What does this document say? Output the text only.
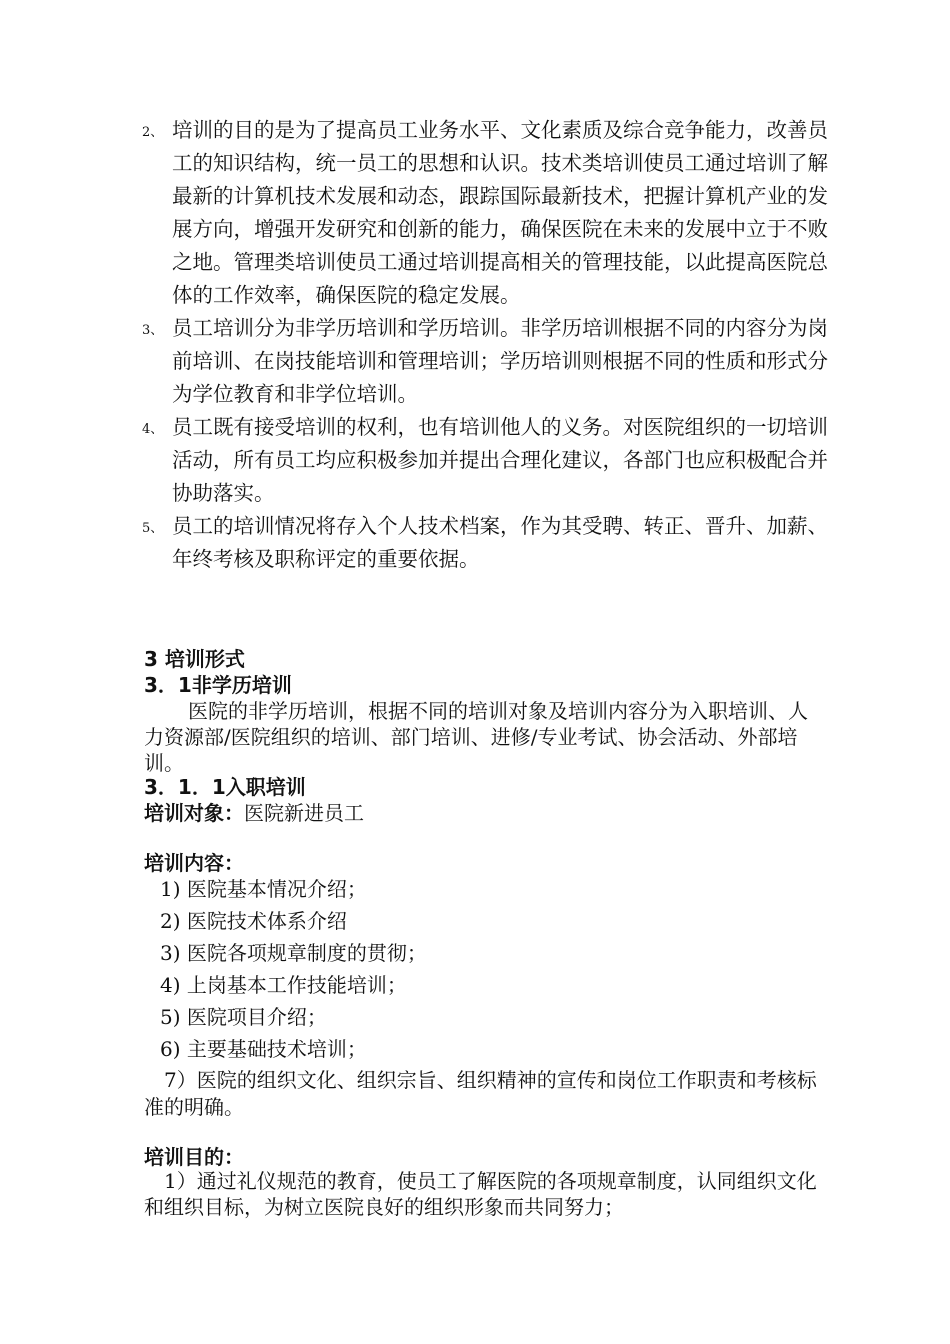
2、 培训的目的是为了提高员工业务水平、文化素质及综合竞争能力，改善员工的知识结构，统一员工的思想和认识。技术类培训使员工通过培训了解最新的计算机技术发展和动态，跟踪国际最新技术，把握计算机产业的发展方向，增强开发研究和创新的能力，确保医院在未来的发展中立于不败之地。管理类培训使员工通过培训提高相关的管理技能，以此提高医院总体的工作效率，确保医院的稳定发展。
3、 员工培训分为非学历培训和学历培训。非学历培训根据不同的内容分为岗前培训、在岗技能培训和管理培训；学历培训则根据不同的性质和形式分为学位教育和非学位培训。
4、 员工既有接受培训的权利，也有培训他人的义务。对医院组织的一切培训活动，所有员工均应积极参加并提出合理化建议，各部门也应积极配合并协助落实。
5、 员工的培训情况将存入个人技术档案，作为其受聘、转正、晋升、加薪、年终考核及职称评定的重要依据。
3 培训形式
3．1非学历培训
医院的非学历培训，根据不同的培训对象及培训内容分为入职培训、人力资源部/医院组织的培训、部门培训、进修/专业考试、协会活动、外部培训。
3．1．1入职培训
培训对象：医院新进员工
培训内容：
1) 医院基本情况介绍；
2) 医院技术体系介绍
3) 医院各项规章制度的贯彻；
4) 上岗基本工作技能培训；
5) 医院项目介绍；
6) 主要基础技术培训；
7）医院的组织文化、组织宗旨、组织精神的宣传和岗位工作职责和考核标准的明确。
培训目的：
1）通过礼仪规范的教育，使员工了解医院的各项规章制度，认同组织文化和组织目标，为树立医院良好的组织形象而共同努力；
